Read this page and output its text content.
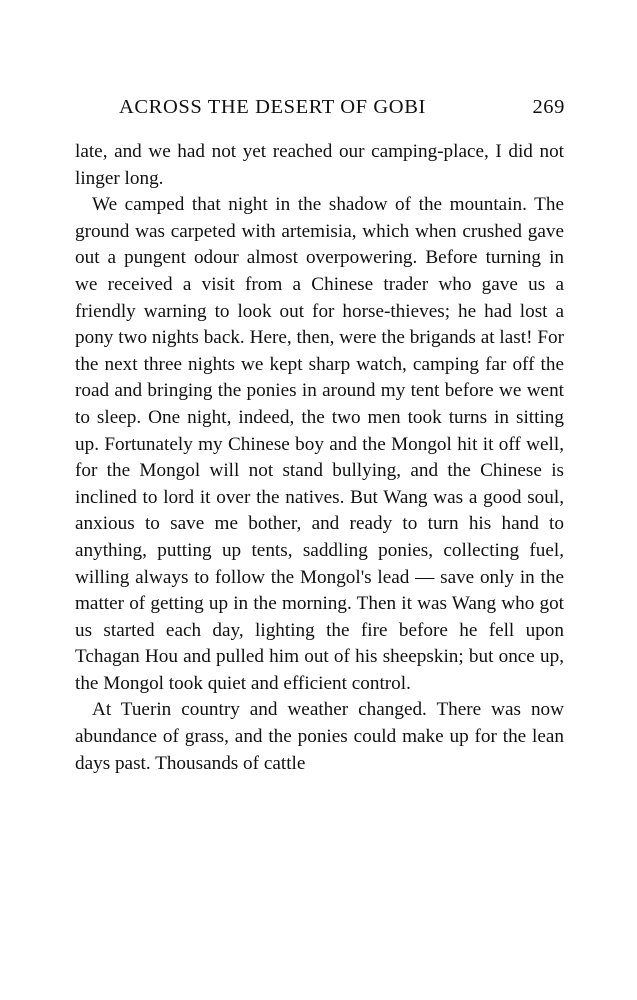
ACROSS THE DESERT OF GOBI	269

late, and we had not yet reached our camping-place, I did not linger long.

We camped that night in the shadow of the mountain. The ground was carpeted with artemisia, which when crushed gave out a pungent odour almost overpowering. Before turning in we received a visit from a Chinese trader who gave us a friendly warning to look out for horse-thieves; he had lost a pony two nights back. Here, then, were the brigands at last! For the next three nights we kept sharp watch, camping far off the road and bringing the ponies in around my tent before we went to sleep. One night, indeed, the two men took turns in sitting up. Fortunately my Chinese boy and the Mongol hit it off well, for the Mongol will not stand bullying, and the Chinese is inclined to lord it over the natives. But Wang was a good soul, anxious to save me bother, and ready to turn his hand to anything, putting up tents, saddling ponies, collecting fuel, willing always to follow the Mongol's lead — save only in the matter of getting up in the morning. Then it was Wang who got us started each day, lighting the fire before he fell upon Tchagan Hou and pulled him out of his sheepskin; but once up, the Mongol took quiet and efficient control.

At Tuerin country and weather changed. There was now abundance of grass, and the ponies could make up for the lean days past. Thousands of cattle
